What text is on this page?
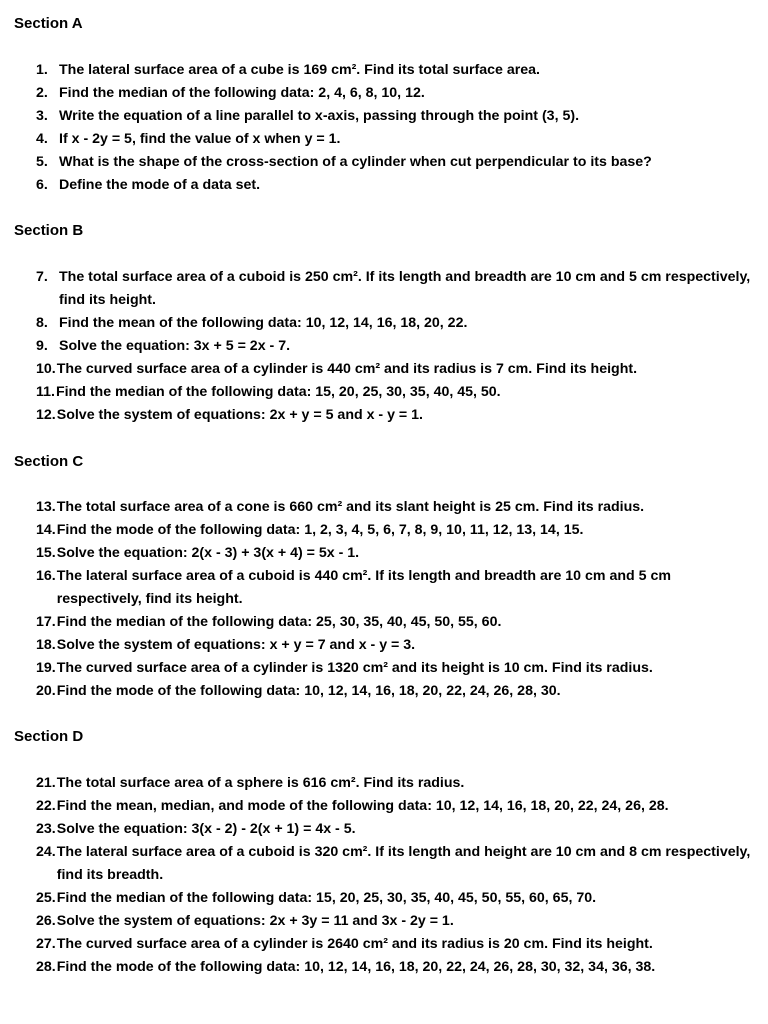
Section A

1. The lateral surface area of a cube is 169 cm². Find its total surface area.

2. Find the median of the following data: 2, 4, 6, 8, 10, 12.

3. Write the equation of a line parallel to x-axis, passing through the point (3, 5).

4. If x - 2y = 5, find the value of x when y = 1.

5. What is the shape of the cross-section of a cylinder when cut perpendicular to its base?

6. Define the mode of a data set.

Section B

7. The total surface area of a cuboid is 250 cm². If its length and breadth are 10 cm and 5 cm respectively, find its height.

8. Find the mean of the following data: 10, 12, 14, 16, 18, 20, 22.

9. Solve the equation: 3x + 5 = 2x - 7.

10. The curved surface area of a cylinder is 440 cm² and its radius is 7 cm. Find its height.

11. Find the median of the following data: 15, 20, 25, 30, 35, 40, 45, 50.

12. Solve the system of equations: 2x + y = 5 and x - y = 1.

Section C

13. The total surface area of a cone is 660 cm² and its slant height is 25 cm. Find its radius.

14. Find the mode of the following data: 1, 2, 3, 4, 5, 6, 7, 8, 9, 10, 11, 12, 13, 14, 15.

15. Solve the equation: 2(x - 3) + 3(x + 4) = 5x - 1.

16. The lateral surface area of a cuboid is 440 cm². If its length and breadth are 10 cm and 5 cm respectively, find its height.

17. Find the median of the following data: 25, 30, 35, 40, 45, 50, 55, 60.

18. Solve the system of equations: x + y = 7 and x - y = 3.

19. The curved surface area of a cylinder is 1320 cm² and its height is 10 cm. Find its radius.

20. Find the mode of the following data: 10, 12, 14, 16, 18, 20, 22, 24, 26, 28, 30.

Section D

21. The total surface area of a sphere is 616 cm². Find its radius.

22. Find the mean, median, and mode of the following data: 10, 12, 14, 16, 18, 20, 22, 24, 26, 28.

23. Solve the equation: 3(x - 2) - 2(x + 1) = 4x - 5.

24. The lateral surface area of a cuboid is 320 cm². If its length and height are 10 cm and 8 cm respectively, find its breadth.

25. Find the median of the following data: 15, 20, 25, 30, 35, 40, 45, 50, 55, 60, 65, 70.

26. Solve the system of equations: 2x + 3y = 11 and 3x - 2y = 1.

27. The curved surface area of a cylinder is 2640 cm² and its radius is 20 cm. Find its height.

28. Find the mode of the following data: 10, 12, 14, 16, 18, 20, 22, 24, 26, 28, 30, 32, 34, 36, 38.
